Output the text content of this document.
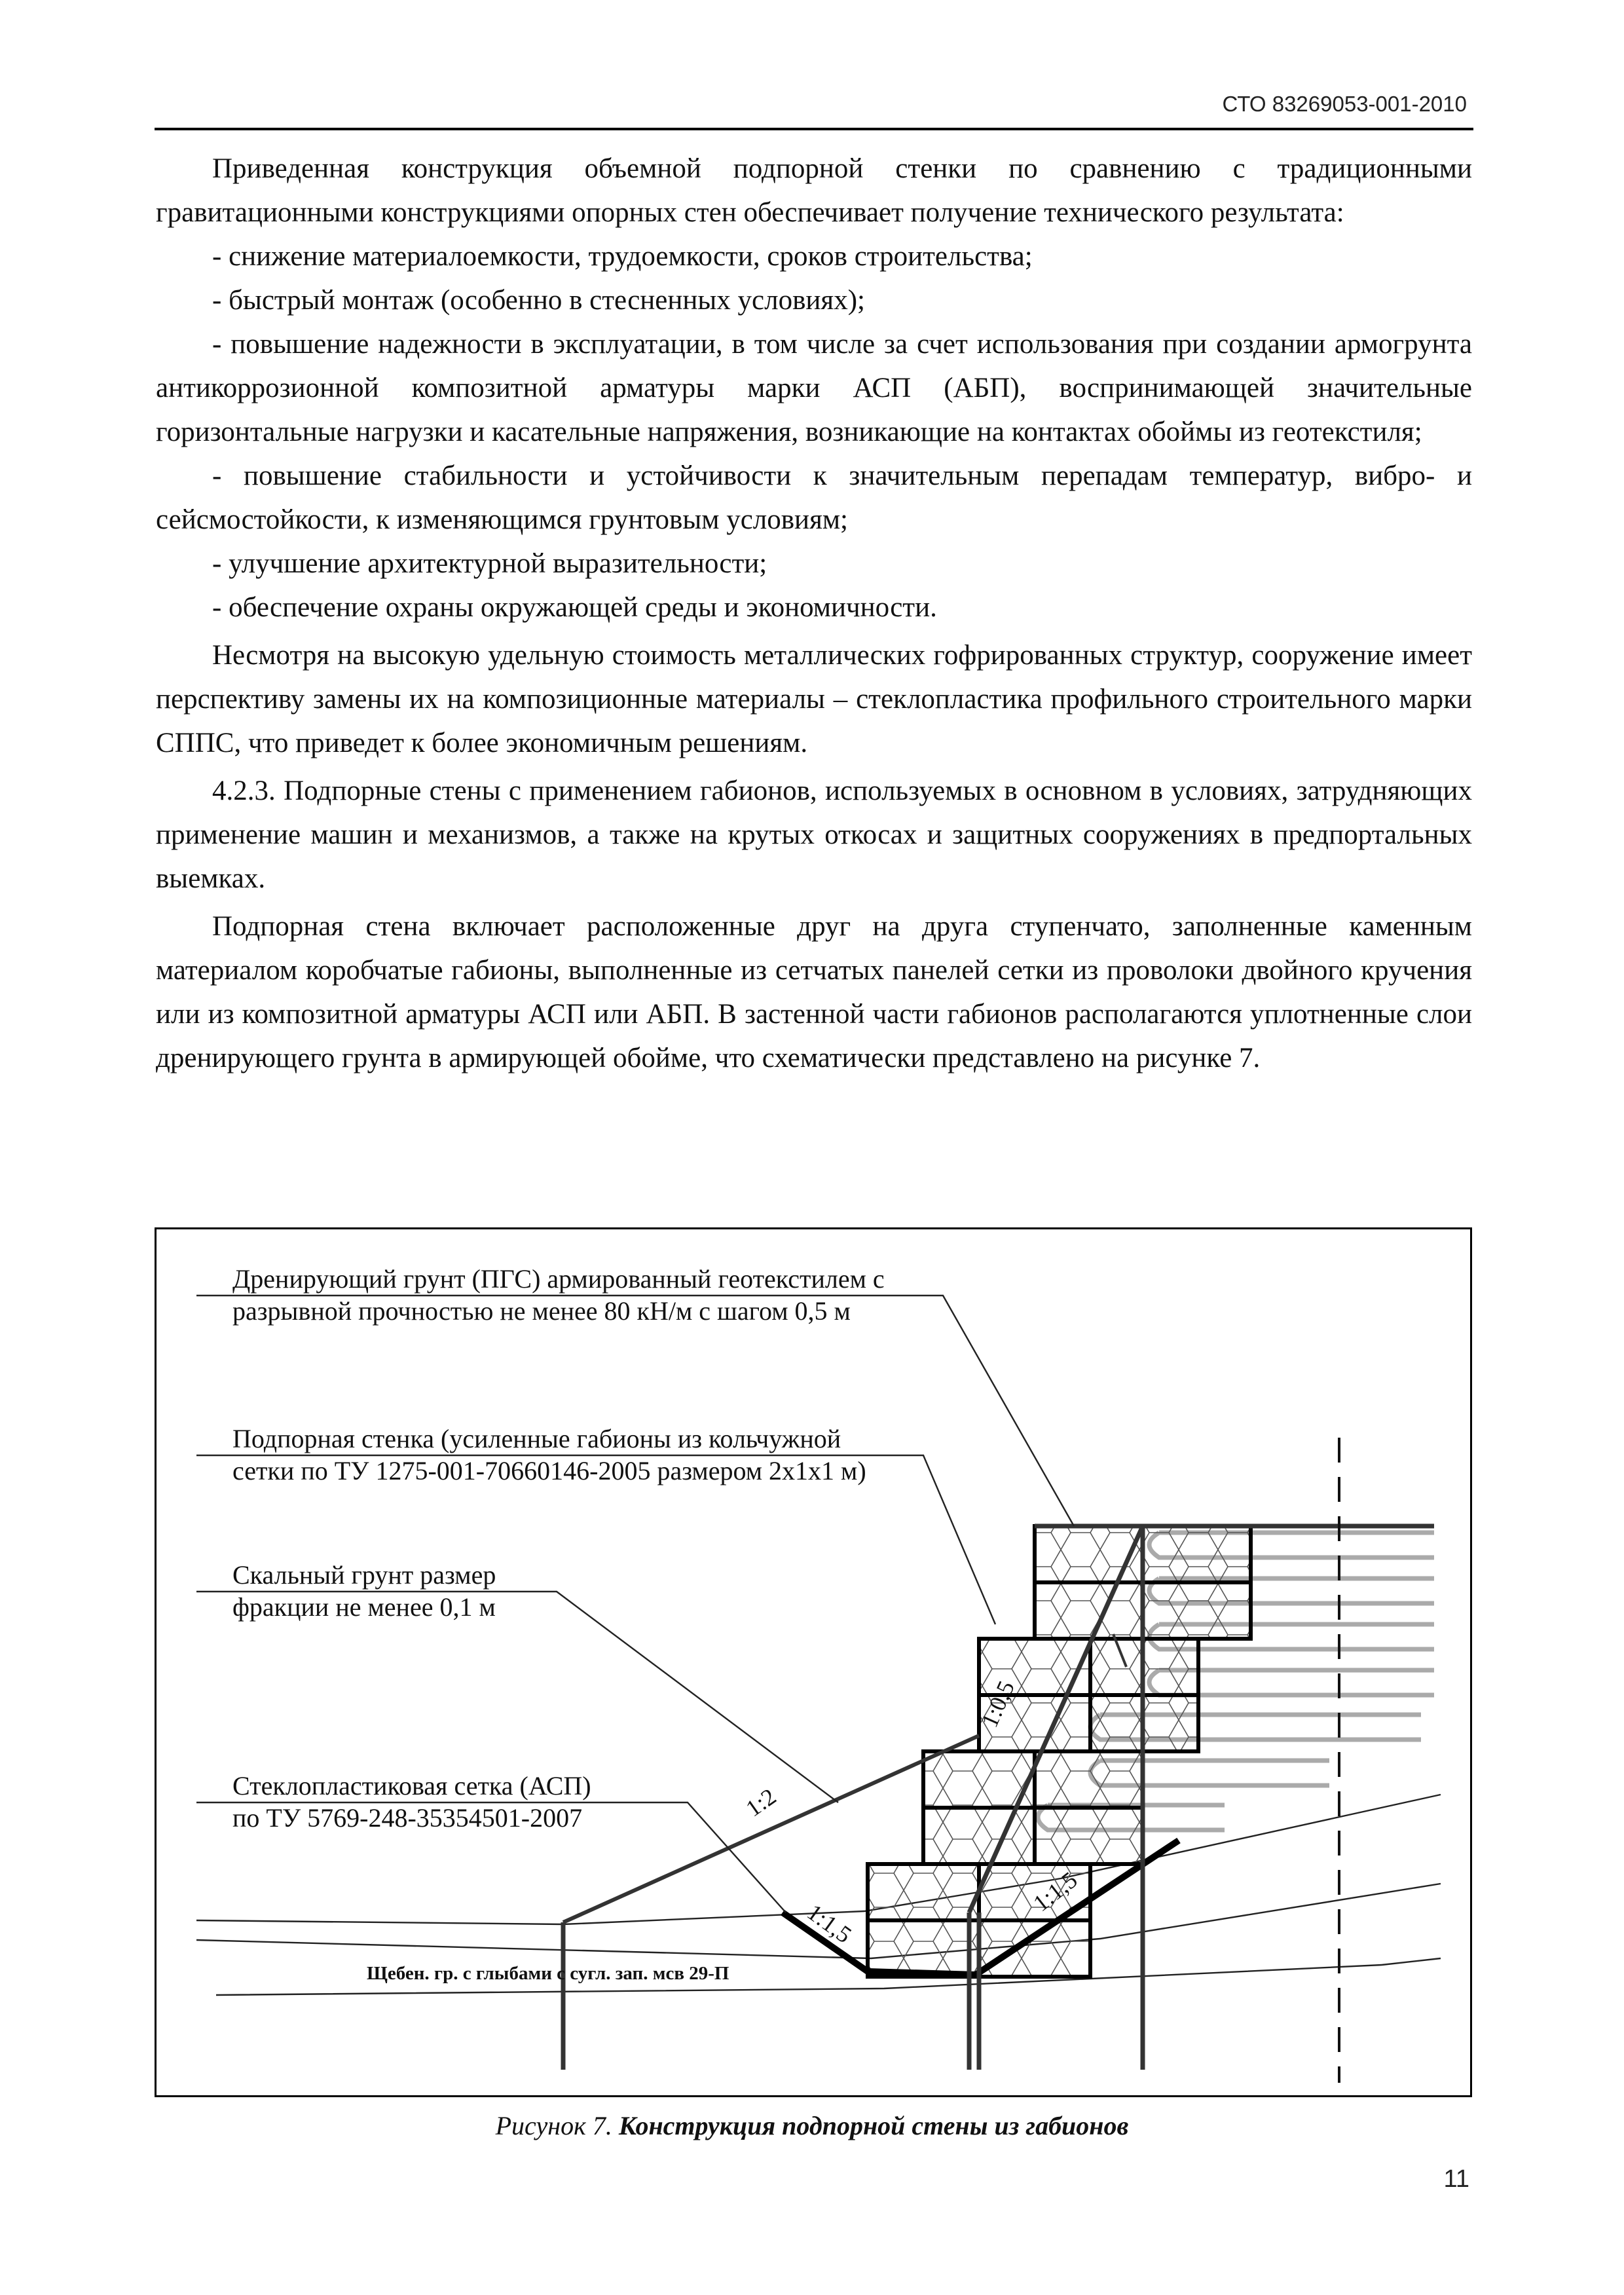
СТО 83269053-001-2010

Приведенная конструкция объемной подпорной стенки по сравнению с традиционными гравитационными конструкциями опорных стен обеспечивает получение технического результата:

- снижение материалоемкости, трудоемкости, сроков строительства;

- быстрый монтаж (особенно в стесненных условиях);

- повышение надежности в эксплуатации, в том числе за счет использования при создании армогрунта антикоррозионной композитной арматуры марки АСП (АБП), воспринимающей значительные горизонтальные нагрузки и касательные напряжения, возникающие на контактах обоймы из геотекстиля;

- повышение стабильности и устойчивости к значительным перепадам температур, вибро- и сейсмостойкости, к изменяющимся грунтовым условиям;

- улучшение архитектурной выразительности;

- обеспечение охраны окружающей среды и экономичности.

Несмотря на высокую удельную стоимость металлических гофрированных структур, сооружение имеет перспективу замены их на композиционные материалы – стеклопластика профильного строительного марки СППС, что приведет к более экономичным решениям.

4.2.3. Подпорные стены с применением габионов, используемых в основном в условиях, затрудняющих применение машин и механизмов, а также на крутых откосах и защитных сооружениях в предпортальных выемках.

Подпорная стена включает расположенные друг на друга ступенчато, заполненные каменным материалом коробчатые габионы, выполненные из сетчатых панелей сетки из проволоки двойного кручения или из композитной арматуры АСП или АБП. В застенной части габионов располагаются уплотненные слои дренирующего грунта в армирующей обойме, что схематически представлено на рисунке 7.

Дренирующий грунт (ПГС) армированный геотекстилем с
разрывной прочностью не менее 80 кН/м с шагом 0,5 м
Подпорная стенка (усиленные габионы из кольчужной
сетки по ТУ 1275-001-70660146-2005 размером 2х1х1 м)
Скальный грунт размер
фракции не менее 0,1 м
Стеклопластиковая сетка (АСП)
по ТУ 5769-248-35354501-2007
Щебен. гр. с глыбами с сугл. зап. мсв 29-П
1:2
1:0,5
1:1,5
1:1,5
Рисунок 7. Конструкция подпорной стены из габионов
11
